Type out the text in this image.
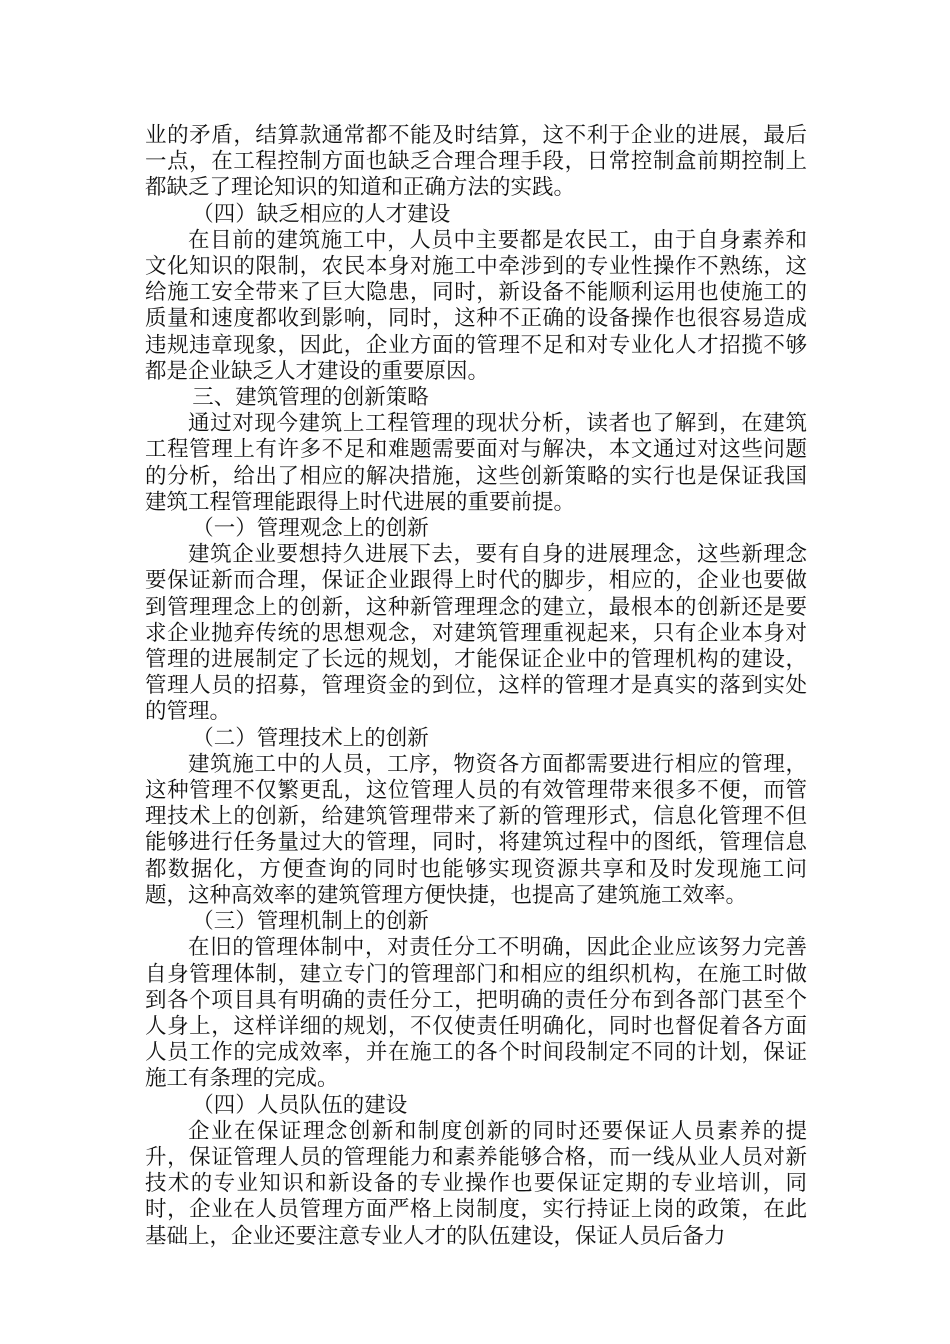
业的矛盾，结算款通常都不能及时结算，这不利于企业的进展，最后一点，在工程控制方面也缺乏合理合理手段，日常控制盒前期控制上都缺乏了理论知识的知道和正确方法的实践。

（四）缺乏相应的人才建设

在目前的建筑施工中，人员中主要都是农民工，由于自身素养和文化知识的限制，农民本身对施工中牵涉到的专业性操作不熟练，这给施工安全带来了巨大隐患，同时，新设备不能顺利运用也使施工的质量和速度都收到影响，同时，这种不正确的设备操作也很容易造成违规违章现象，因此，企业方面的管理不足和对专业化人才招揽不够都是企业缺乏人才建设的重要原因。

三、建筑管理的创新策略

通过对现今建筑上工程管理的现状分析，读者也了解到，在建筑工程管理上有许多不足和难题需要面对与解决，本文通过对这些问题的分析，给出了相应的解决措施，这些创新策略的实行也是保证我国建筑工程管理能跟得上时代进展的重要前提。

（一）管理观念上的创新

建筑企业要想持久进展下去，要有自身的进展理念，这些新理念要保证新而合理，保证企业跟得上时代的脚步，相应的，企业也要做到管理理念上的创新，这种新管理理念的建立，最根本的创新还是要求企业抛弃传统的思想观念，对建筑管理重视起来，只有企业本身对管理的进展制定了长远的规划，才能保证企业中的管理机构的建设，管理人员的招募，管理资金的到位，这样的管理才是真实的落到实处的管理。

（二）管理技术上的创新

建筑施工中的人员，工序，物资各方面都需要进行相应的管理，这种管理不仅繁更乱，这位管理人员的有效管理带来很多不便，而管理技术上的创新，给建筑管理带来了新的管理形式，信息化管理不但能够进行任务量过大的管理，同时，将建筑过程中的图纸，管理信息都数据化，方便查询的同时也能够实现资源共享和及时发现施工问题，这种高效率的建筑管理方便快捷，也提高了建筑施工效率。

（三）管理机制上的创新

在旧的管理体制中，对责任分工不明确，因此企业应该努力完善自身管理体制，建立专门的管理部门和相应的组织机构，在施工时做到各个项目具有明确的责任分工，把明确的责任分布到各部门甚至个人身上，这样详细的规划，不仅使责任明确化，同时也督促着各方面人员工作的完成效率，并在施工的各个时间段制定不同的计划，保证施工有条理的完成。

（四）人员队伍的建设

企业在保证理念创新和制度创新的同时还要保证人员素养的提升，保证管理人员的管理能力和素养能够合格，而一线从业人员对新技术的专业知识和新设备的专业操作也要保证定期的专业培训，同时，企业在人员管理方面严格上岗制度，实行持证上岗的政策，在此基础上，企业还要注意专业人才的队伍建设，保证人员后备力
